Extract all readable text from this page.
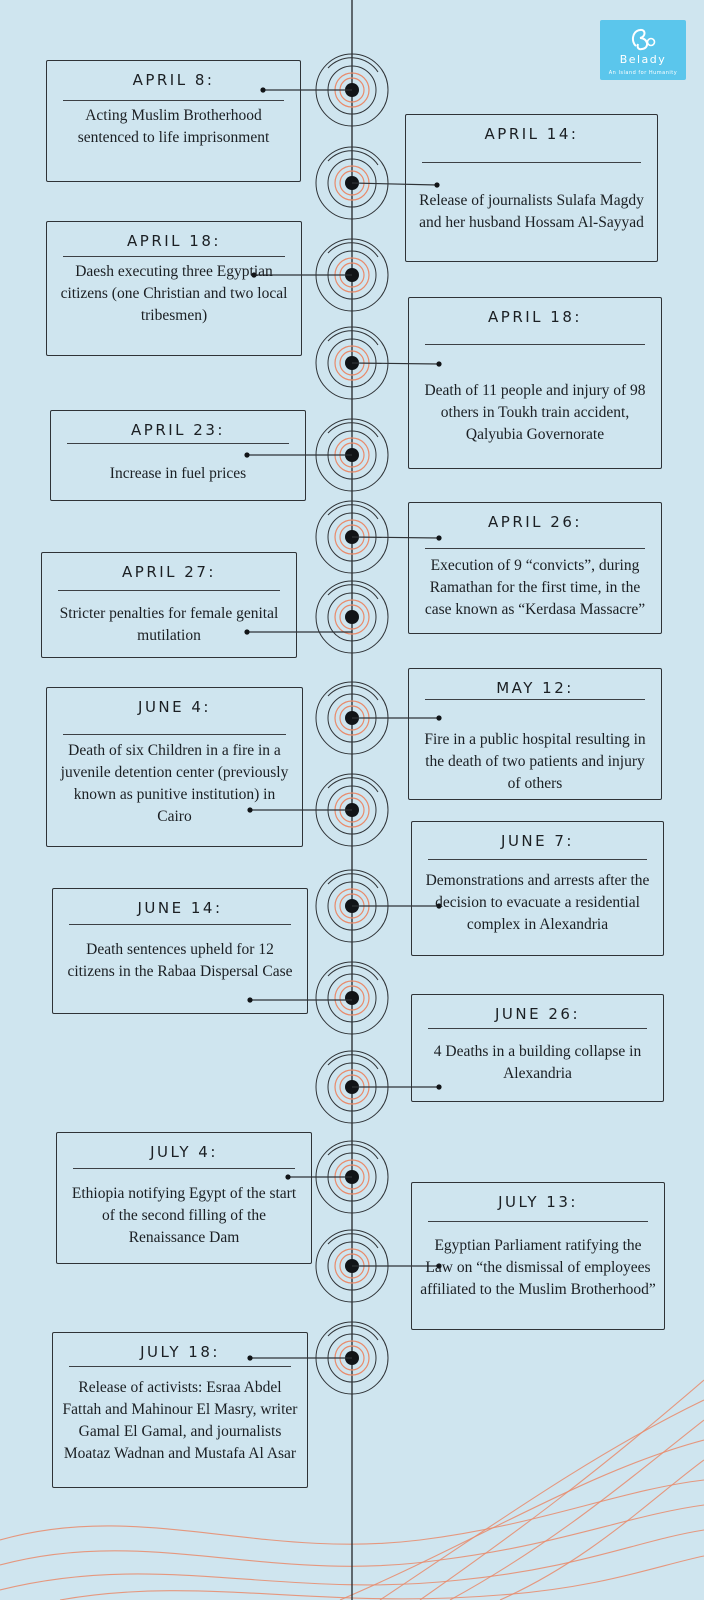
Belady
An Island for Humanity
APRIL 8:
Acting Muslim Brotherhood sentenced to life imprisonment	APRIL 14:
Release of journalists Sulafa Magdy and her husband Hossam Al-Sayyad
APRIL 18:
Daesh executing three Egyptian citizens (one Christian and two local tribesmen)	APRIL 18:
Death of 11 people and injury of 98 others in Toukh train accident, Qalyubia Governorate
APRIL 23:
Increase in fuel prices
APRIL 26:
Execution of 9 “convicts”, during Ramathan for the first time, in the case known as “Kerdasa Massacre”
APRIL 27:
Stricter penalties for female genital mutilation
MAY 12:
Fire in a public hospital resulting in the death of two patients and injury of others
JUNE 4:
Death of six Children in a fire in a juvenile detention center (previously known as punitive institution) in Cairo
JUNE 7:
Demonstrations and arrests after the decision to evacuate a residential complex in Alexandria
JUNE 14:
Death sentences upheld for 12 citizens in the Rabaa Dispersal Case
JUNE 26:
4 Deaths in a building collapse in Alexandria
JULY 4:
Ethiopia notifying Egypt of the start of the second filling of the Renaissance Dam
JULY 13:
Egyptian Parliament ratifying the Law on “the dismissal of employees affiliated to the Muslim Brotherhood”
JULY 18:
Release of activists: Esraa Abdel Fattah and Mahinour El Masry, writer Gamal El Gamal, and journalists Moataz Wadnan and Mustafa Al Asar
